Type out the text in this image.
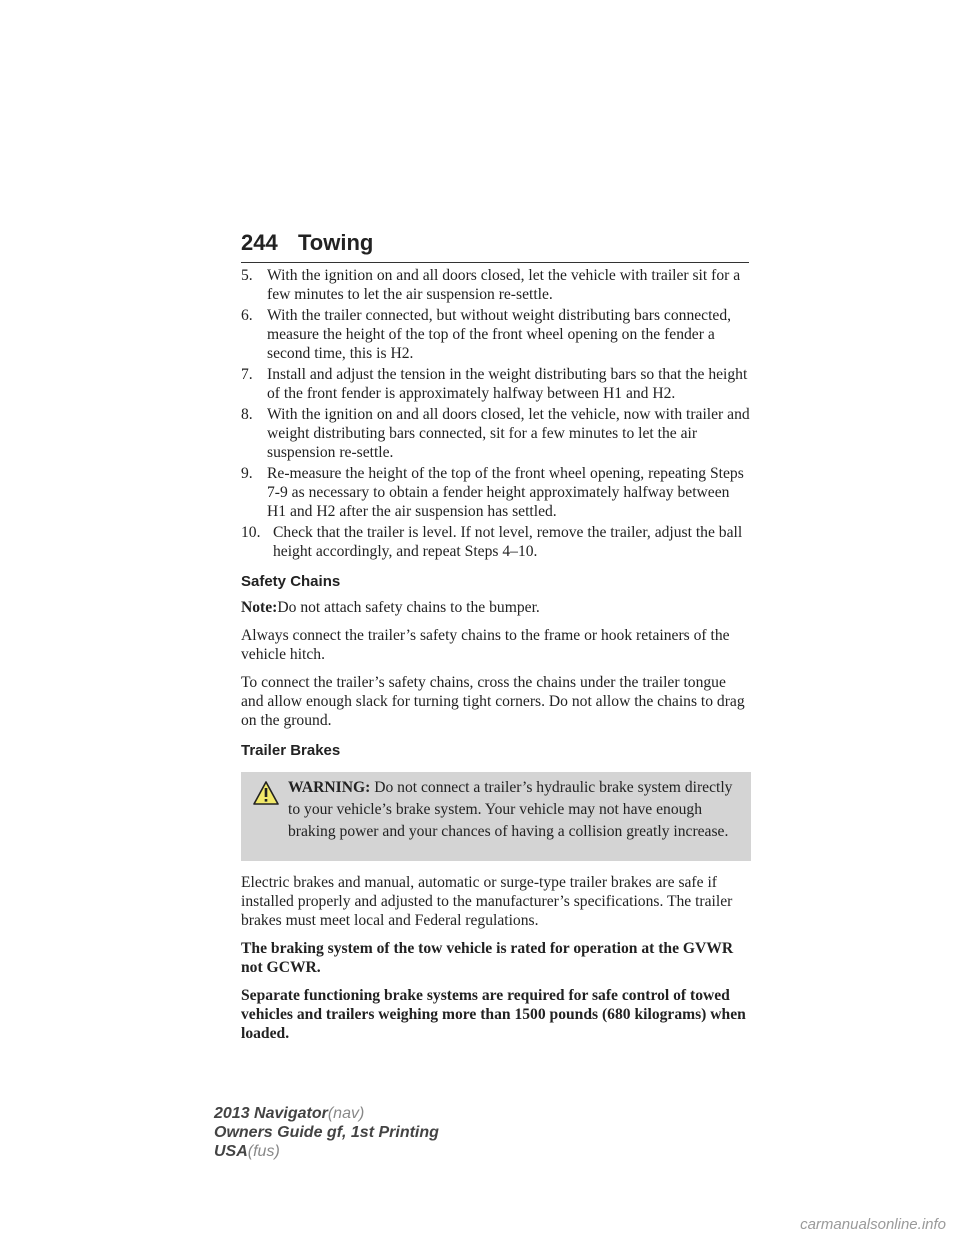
244 Towing
5. With the ignition on and all doors closed, let the vehicle with trailer sit for a few minutes to let the air suspension re-settle.
6. With the trailer connected, but without weight distributing bars connected, measure the height of the top of the front wheel opening on the fender a second time, this is H2.
7. Install and adjust the tension in the weight distributing bars so that the height of the front fender is approximately halfway between H1 and H2.
8. With the ignition on and all doors closed, let the vehicle, now with trailer and weight distributing bars connected, sit for a few minutes to let the air suspension re-settle.
9. Re-measure the height of the top of the front wheel opening, repeating Steps 7-9 as necessary to obtain a fender height approximately halfway between H1 and H2 after the air suspension has settled.
10. Check that the trailer is level. If not level, remove the trailer, adjust the ball height accordingly, and repeat Steps 4–10.
Safety Chains

Note:Do not attach safety chains to the bumper.

Always connect the trailer’s safety chains to the frame or hook retainers of the vehicle hitch.

To connect the trailer’s safety chains, cross the chains under the trailer tongue and allow enough slack for turning tight corners. Do not allow the chains to drag on the ground.

Trailer Brakes
WARNING: Do not connect a trailer’s hydraulic brake system directly to your vehicle’s brake system. Your vehicle may not have enough braking power and your chances of having a collision greatly increase.

Electric brakes and manual, automatic or surge-type trailer brakes are safe if installed properly and adjusted to the manufacturer’s specifications. The trailer brakes must meet local and Federal regulations.

The braking system of the tow vehicle is rated for operation at the GVWR not GCWR.

Separate functioning brake systems are required for safe control of towed vehicles and trailers weighing more than 1500 pounds (680 kilograms) when loaded.

2013 Navigator(nav)
Owners Guide gf, 1st Printing
USA(fus)
carmanualsonline.info
